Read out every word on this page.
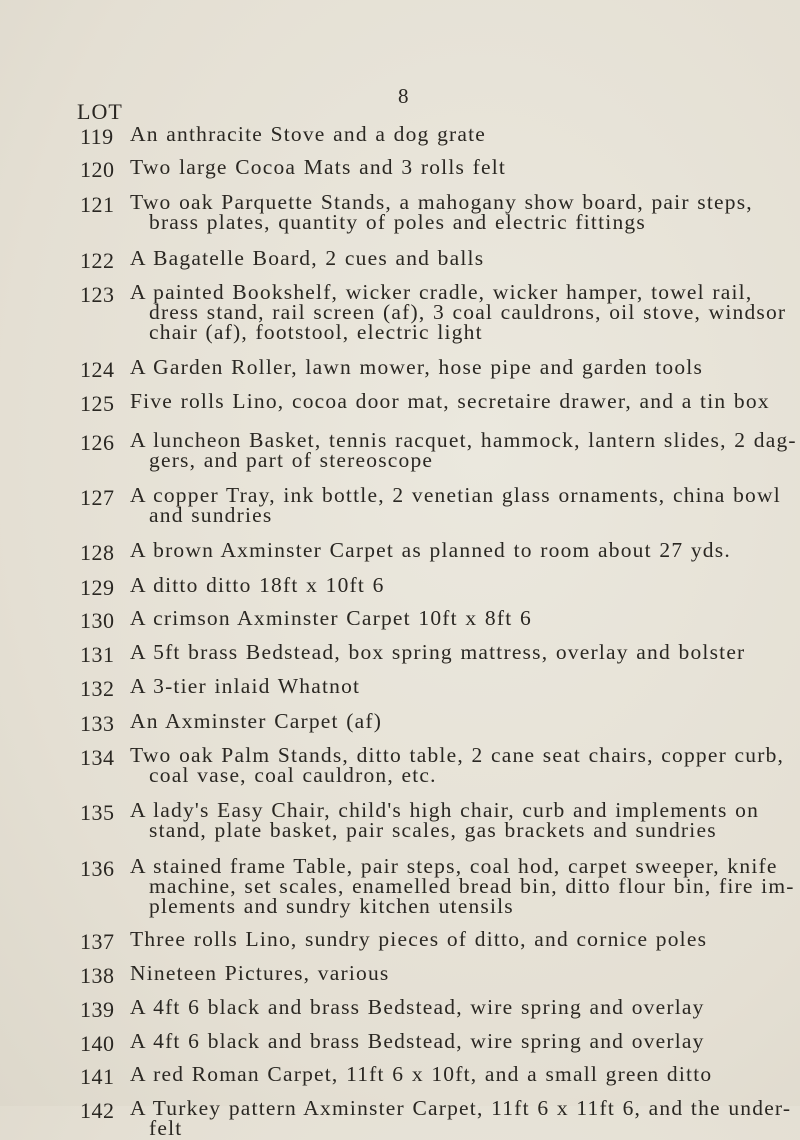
8
LOT
119 An anthracite Stove and a dog grate
120 Two large Cocoa Mats and 3 rolls felt
121 Two oak Parquette Stands, a mahogany show board, pair steps,
brass plates, quantity of poles and electric fittings
122 A Bagatelle Board, 2 cues and balls
123 A painted Bookshelf, wicker cradle, wicker hamper, towel rail,
dress stand, rail screen (af), 3 coal cauldrons, oil stove, windsor
chair (af), footstool, electric light
124 A Garden Roller, lawn mower, hose pipe and garden tools
125 Five rolls Lino, cocoa door mat, secretaire drawer, and a tin box
126 A luncheon Basket, tennis racquet, hammock, lantern slides, 2 dag-
gers, and part of stereoscope
127 A copper Tray, ink bottle, 2 venetian glass ornaments, china bowl
and sundries
128 A brown Axminster Carpet as planned to room about 27 yds.
129 A ditto ditto 18ft x 10ft 6
130 A crimson Axminster Carpet 10ft x 8ft 6
131 A 5ft brass Bedstead, box spring mattress, overlay and bolster
132 A 3-tier inlaid Whatnot
133 An Axminster Carpet (af)
134 Two oak Palm Stands, ditto table, 2 cane seat chairs, copper curb,
coal vase, coal cauldron, etc.
135 A lady's Easy Chair, child's high chair, curb and implements on
stand, plate basket, pair scales, gas brackets and sundries
136 A stained frame Table, pair steps, coal hod, carpet sweeper, knife
machine, set scales, enamelled bread bin, ditto flour bin, fire im-
plements and sundry kitchen utensils
137 Three rolls Lino, sundry pieces of ditto, and cornice poles
138 Nineteen Pictures, various
139 A 4ft 6 black and brass Bedstead, wire spring and overlay
140 A 4ft 6 black and brass Bedstead, wire spring and overlay
141 A red Roman Carpet, 11ft 6 x 10ft, and a small green ditto
142 A Turkey pattern Axminster Carpet, 11ft 6 x 11ft 6, and the under-
felt
